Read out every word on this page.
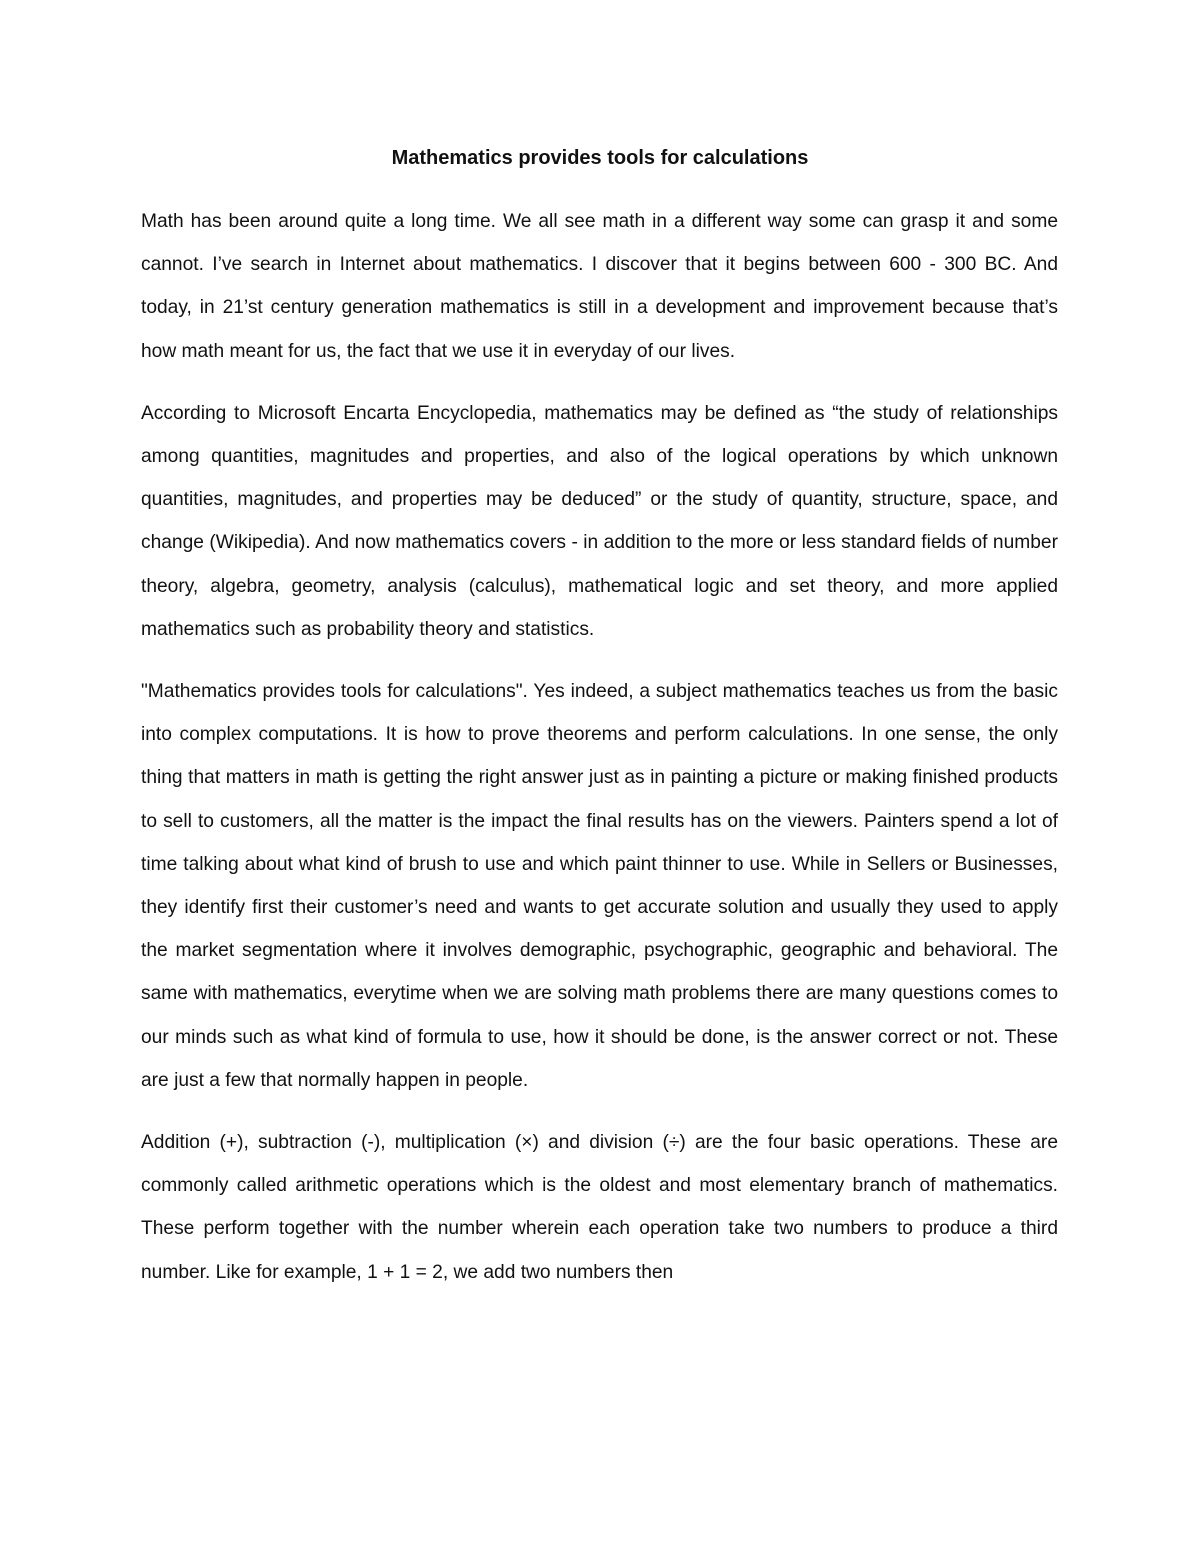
Mathematics provides tools for calculations

Math has been around quite a long time. We all see math in a different way some can grasp it and some cannot. I’ve search in Internet about mathematics. I discover that it begins between 600 - 300 BC. And today, in 21’st century generation mathematics is still in a development and improvement because that’s how math meant for us, the fact that we use it in everyday of our lives.

According to Microsoft Encarta Encyclopedia, mathematics may be defined as “the study of relationships among quantities, magnitudes and properties, and also of the logical operations by which unknown quantities, magnitudes, and properties may be deduced” or the study of quantity, structure, space, and change (Wikipedia). And now mathematics covers - in addition to the more or less standard fields of number theory, algebra, geometry, analysis (calculus), mathematical logic and set theory, and more applied mathematics such as probability theory and statistics.

"Mathematics provides tools for calculations". Yes indeed, a subject mathematics teaches us from the basic into complex computations. It is how to prove theorems and perform calculations. In one sense, the only thing that matters in math is getting the right answer just as in painting a picture or making finished products to sell to customers, all the matter is the impact the final results has on the viewers. Painters spend a lot of time talking about what kind of brush to use and which paint thinner to use. While in Sellers or Businesses, they identify first their customer’s need and wants to get accurate solution and usually they used to apply the market segmentation where it involves demographic, psychographic, geographic and behavioral. The same with mathematics, everytime when we are solving math problems there are many questions comes to our minds such as what kind of formula to use, how it should be done, is the answer correct or not. These are just a few that normally happen in people.

Addition (+), subtraction (-), multiplication (×) and division (÷) are the four basic operations. These are commonly called arithmetic operations which is the oldest and most elementary branch of mathematics. These perform together with the number wherein each operation take two numbers to produce a third number. Like for example, 1 + 1 = 2, we add two numbers then
